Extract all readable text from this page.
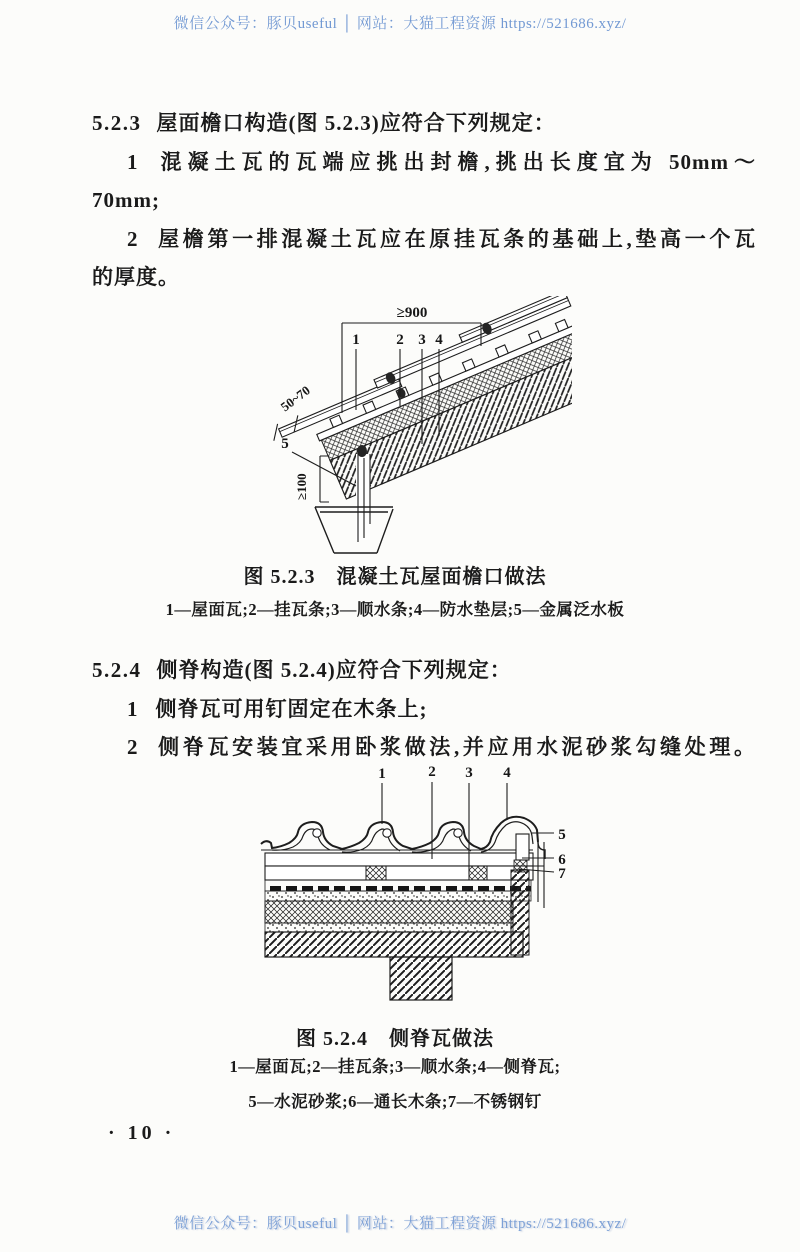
微信公众号：豚贝useful │ 网站：大猫工程资源 https://521686.xyz/
5.2.3 屋面檐口构造(图 5.2.3)应符合下列规定：
1 混凝土瓦的瓦端应挑出封檐,挑出长度宜为 50mm～
70mm;
2 屋檐第一排混凝土瓦应在原挂瓦条的基础上,垫高一个瓦
的厚度。
≥900
1 2 3 4
50~70
5
≥100
图 5.2.3　混凝土瓦屋面檐口做法
1—屋面瓦;2—挂瓦条;3—顺水条;4—防水垫层;5—金属泛水板
5.2.4 侧脊构造(图 5.2.4)应符合下列规定：
1 侧脊瓦可用钉固定在木条上;
2 侧脊瓦安装宜采用卧浆做法,并应用水泥砂浆勾缝处理。
1	2 3 4
5
6
7
图 5.2.4　侧脊瓦做法
1—屋面瓦;2—挂瓦条;3—顺水条;4—侧脊瓦;
5—水泥砂浆;6—通长木条;7—不锈钢钉
· 10 ·
微信公众号：豚贝useful │ 网站：大猫工程资源 https://521686.xyz/
